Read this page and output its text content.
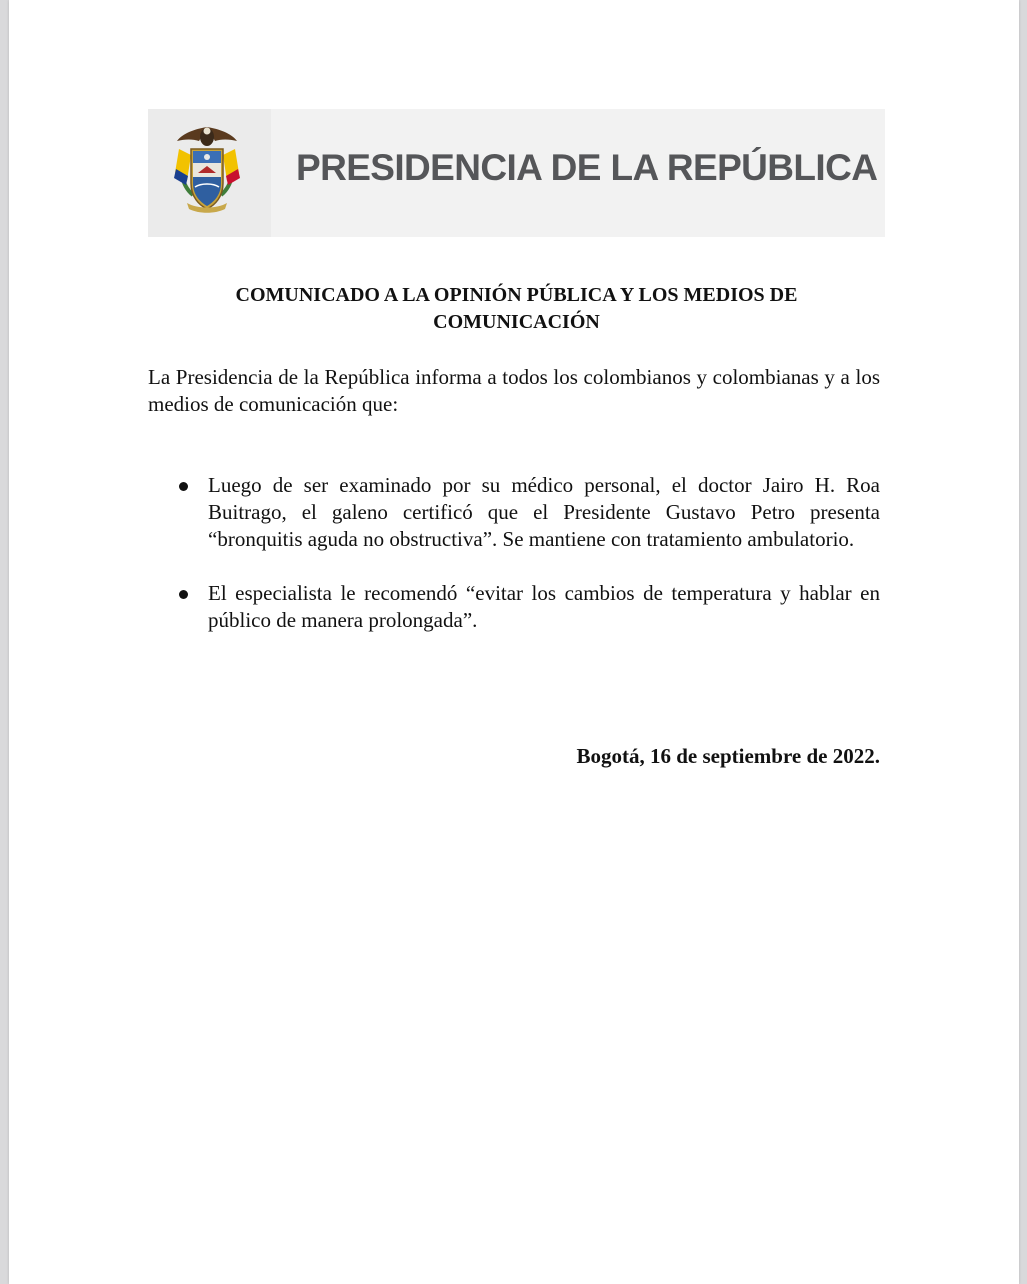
PRESIDENCIA DE LA REPÚBLICA
COMUNICADO A LA OPINIÓN PÚBLICA Y LOS MEDIOS DE
COMUNICACIÓN

La Presidencia de la República informa a todos los colombianos y colombianas y a los medios de comunicación que:

Luego de ser examinado por su médico personal, el doctor Jairo H. Roa Buitrago, el galeno certificó que el Presidente Gustavo Petro presenta “bronquitis aguda no obstructiva”. Se mantiene con tratamiento ambulatorio.
El especialista le recomendó “evitar los cambios de temperatura y hablar en público de manera prolongada”.
Bogotá, 16 de septiembre de 2022.
